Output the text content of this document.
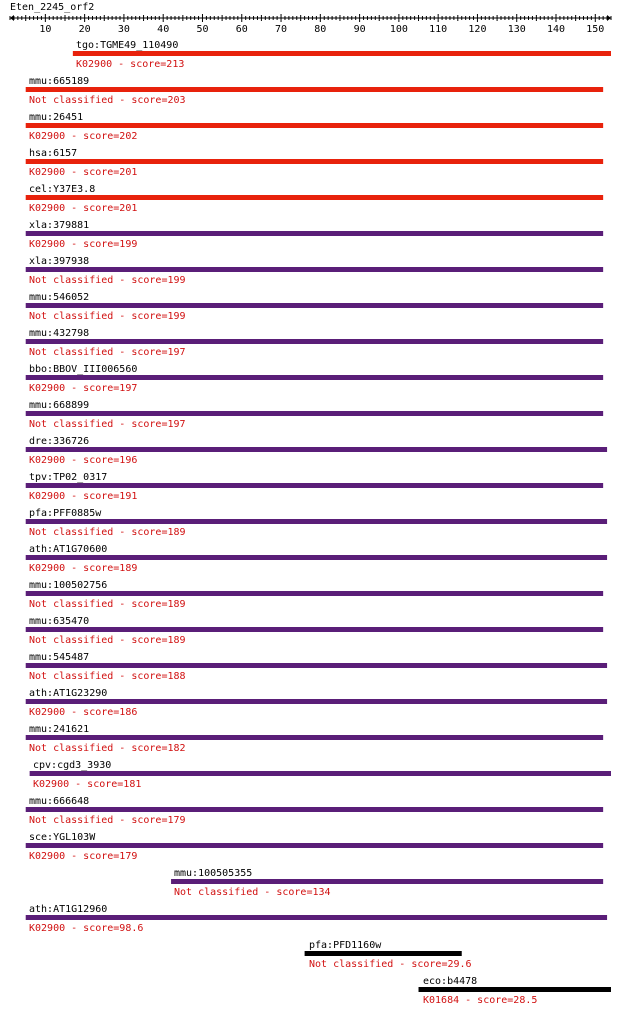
Eten_2245_orf2
10	20	30	40	50	60	70	80	90 100 110 120 130 140 150
tgo:TGME49_110490
K02900 - score=213
mmu:665189
Not classified - score=203
mmu:26451
K02900 - score=202
hsa:6157
K02900 - score=201
cel:Y37E3.8
K02900 - score=201
xla:379881
K02900 - score=199
xla:397938
Not classified - score=199
mmu:546052
Not classified - score=199
mmu:432798
Not classified - score=197
bbo:BBOV_III006560
K02900 - score=197
mmu:668899
Not classified - score=197
dre:336726
K02900 - score=196
tpv:TP02_0317
K02900 - score=191
pfa:PFF0885w
Not classified - score=189
ath:AT1G70600
K02900 - score=189
mmu:100502756
Not classified - score=189
mmu:635470
Not classified - score=189
mmu:545487
Not classified - score=188
ath:AT1G23290
K02900 - score=186
mmu:241621
Not classified - score=182
cpv:cgd3_3930
K02900 - score=181
mmu:666648
Not classified - score=179
sce:YGL103W
K02900 - score=179
mmu:100505355
Not classified - score=134
ath:AT1G12960
K02900 - score=98.6
pfa:PFD1160w
Not classified - score=29.6
eco:b4478
K01684 - score=28.5
